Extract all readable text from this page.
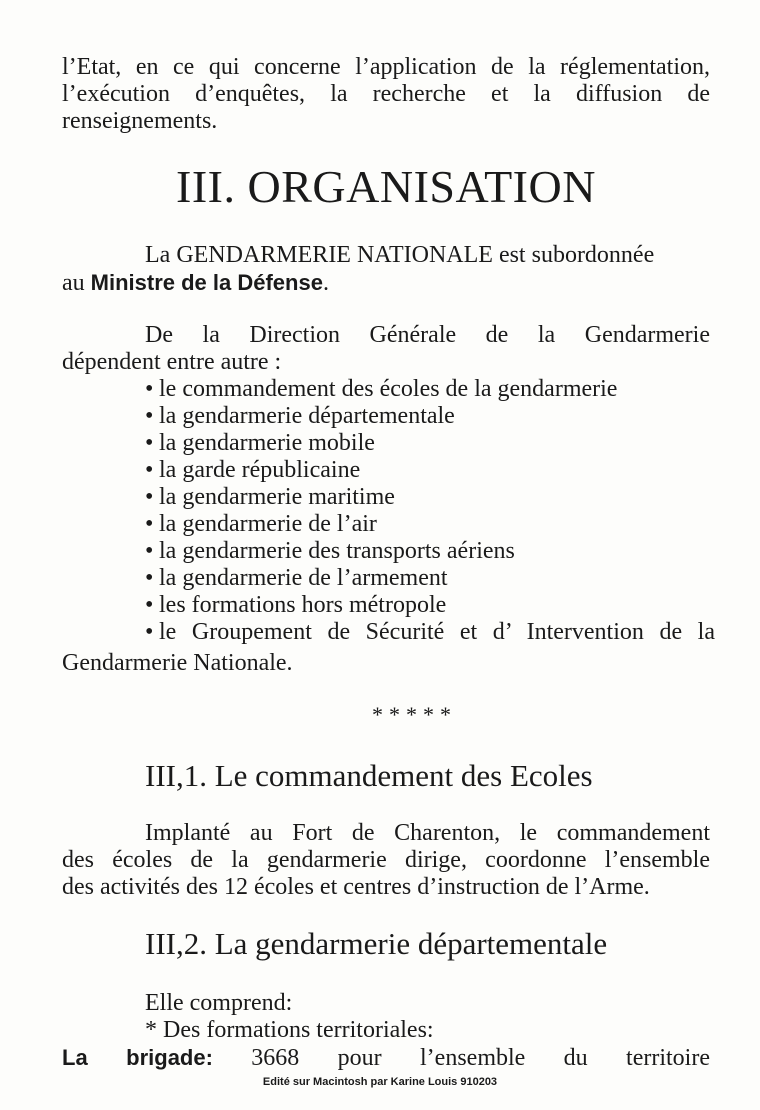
l’Etat, en ce qui concerne l’application de la réglementation,
l’exécution d’enquêtes, la recherche et la diffusion de
renseignements.
III. ORGANISATION
La GENDARMERIE NATIONALE est subordonnée
au Ministre de la Défense.
De la Direction Générale de la Gendarmerie
dépendent entre autre :
• le commandement des écoles de la gendarmerie
• la gendarmerie départementale
• la gendarmerie mobile
• la garde républicaine
• la gendarmerie maritime
• la gendarmerie de l’air
• la gendarmerie des transports aériens
• la gendarmerie de l’armement
• les formations hors métropole
• le Groupement de Sécurité et d’ Intervention de la
Gendarmerie Nationale.
*****
III,1. Le commandement des Ecoles
Implanté au Fort de Charenton, le commandement
des écoles de la gendarmerie dirige, coordonne l’ensemble
des activités des 12 écoles et centres d’instruction de l’Arme.
III,2. La gendarmerie départementale
Elle comprend:
* Des formations territoriales:
La brigade: 3668 pour l’ensemble du territoire
Edité sur Macintosh par Karine Louis 910203
